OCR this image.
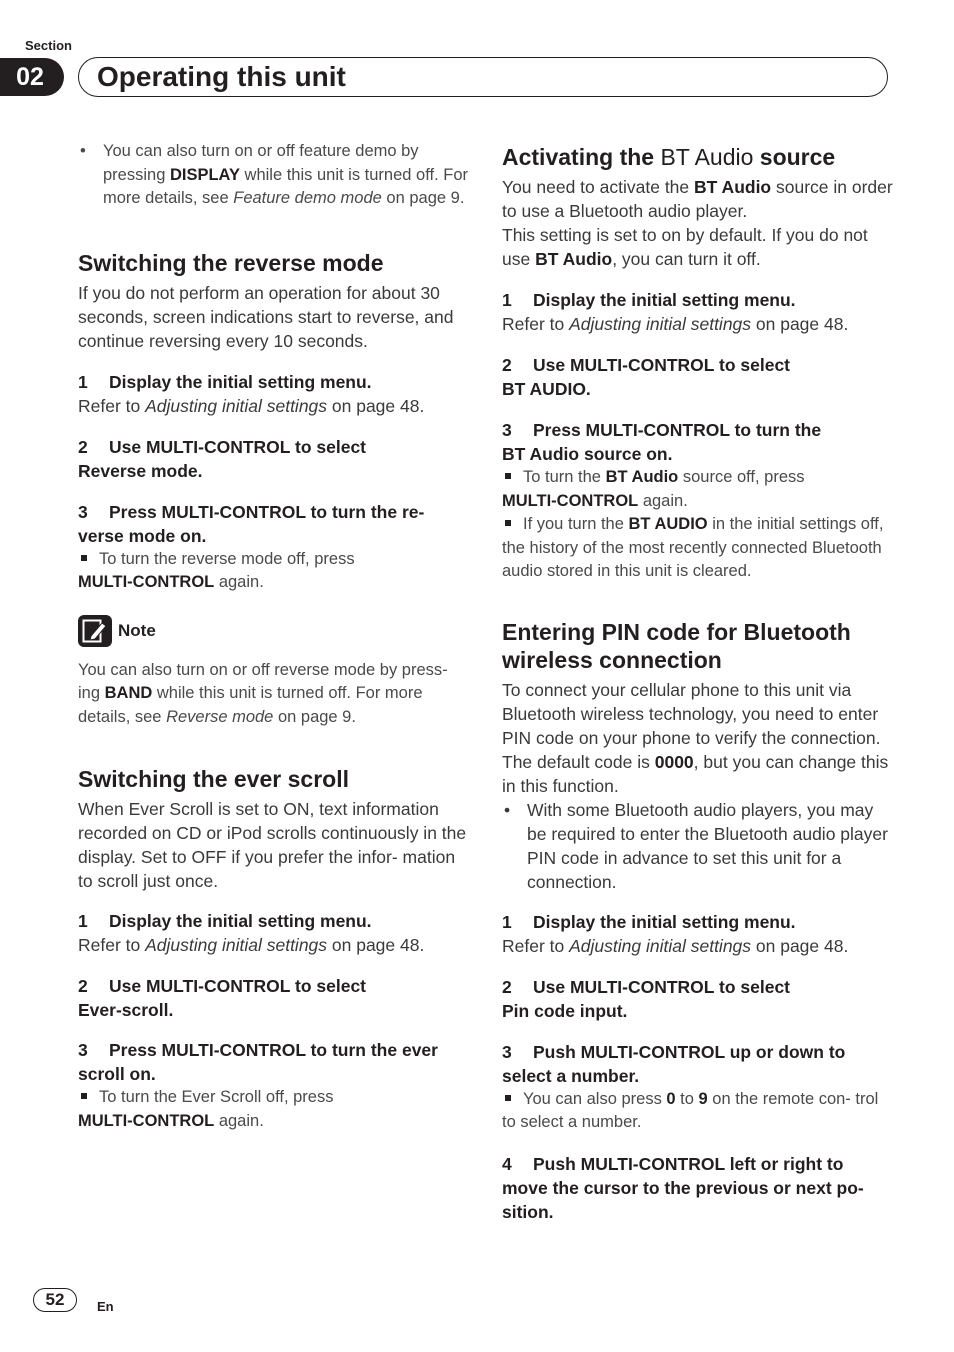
Section
02	Operating this unit
• You can also turn on or off feature demo by pressing DISPLAY while this unit is turned off. For more details, see Feature demo mode on page 9.
Switching the reverse mode

If you do not perform an operation for about 30 seconds, screen indications start to reverse, and continue reversing every 10 seconds.

1 Display the initial setting menu.

Refer to Adjusting initial settings on page 48.

2 Use MULTI-CONTROL to select

Reverse mode.

3 Press MULTI-CONTROL to turn the re-

verse mode on.

To turn the reverse mode off, press

MULTI-CONTROL again.

Note

You can also turn on or off reverse mode by press- ing BAND while this unit is turned off. For more details, see Reverse mode on page 9.

Switching the ever scroll

When Ever Scroll is set to ON, text information recorded on CD or iPod scrolls continuously in the display. Set to OFF if you prefer the infor- mation to scroll just once.

1 Display the initial setting menu.

Refer to Adjusting initial settings on page 48.

2 Use MULTI-CONTROL to select

Ever-scroll.

3 Press MULTI-CONTROL to turn the ever

scroll on.

To turn the Ever Scroll off, press

MULTI-CONTROL again.

Activating the BT Audio source

You need to activate the BT Audio source in order to use a Bluetooth audio player.

This setting is set to on by default. If you do not use BT Audio, you can turn it off.

1 Display the initial setting menu.

Refer to Adjusting initial settings on page 48.

2 Use MULTI-CONTROL to select

BT AUDIO.

3 Press MULTI-CONTROL to turn the

BT Audio source on.

To turn the BT Audio source off, press

MULTI-CONTROL again.

If you turn the BT AUDIO in the initial settings off, the history of the most recently connected Bluetooth audio stored in this unit is cleared.

Entering PIN code for Bluetooth wireless connection

To connect your cellular phone to this unit via Bluetooth wireless technology, you need to enter PIN code on your phone to verify the connection. The default code is 0000, but you can change this in this function.

• With some Bluetooth audio players, you may be required to enter the Bluetooth audio player PIN code in advance to set this unit for a connection.

1 Display the initial setting menu.

Refer to Adjusting initial settings on page 48.

2 Use MULTI-CONTROL to select

Pin code input.

3 Push MULTI-CONTROL up or down to

select a number.

You can also press 0 to 9 on the remote con- trol to select a number.

4 Push MULTI-CONTROL left or right to

move the cursor to the previous or next po-

sition.

52	En
